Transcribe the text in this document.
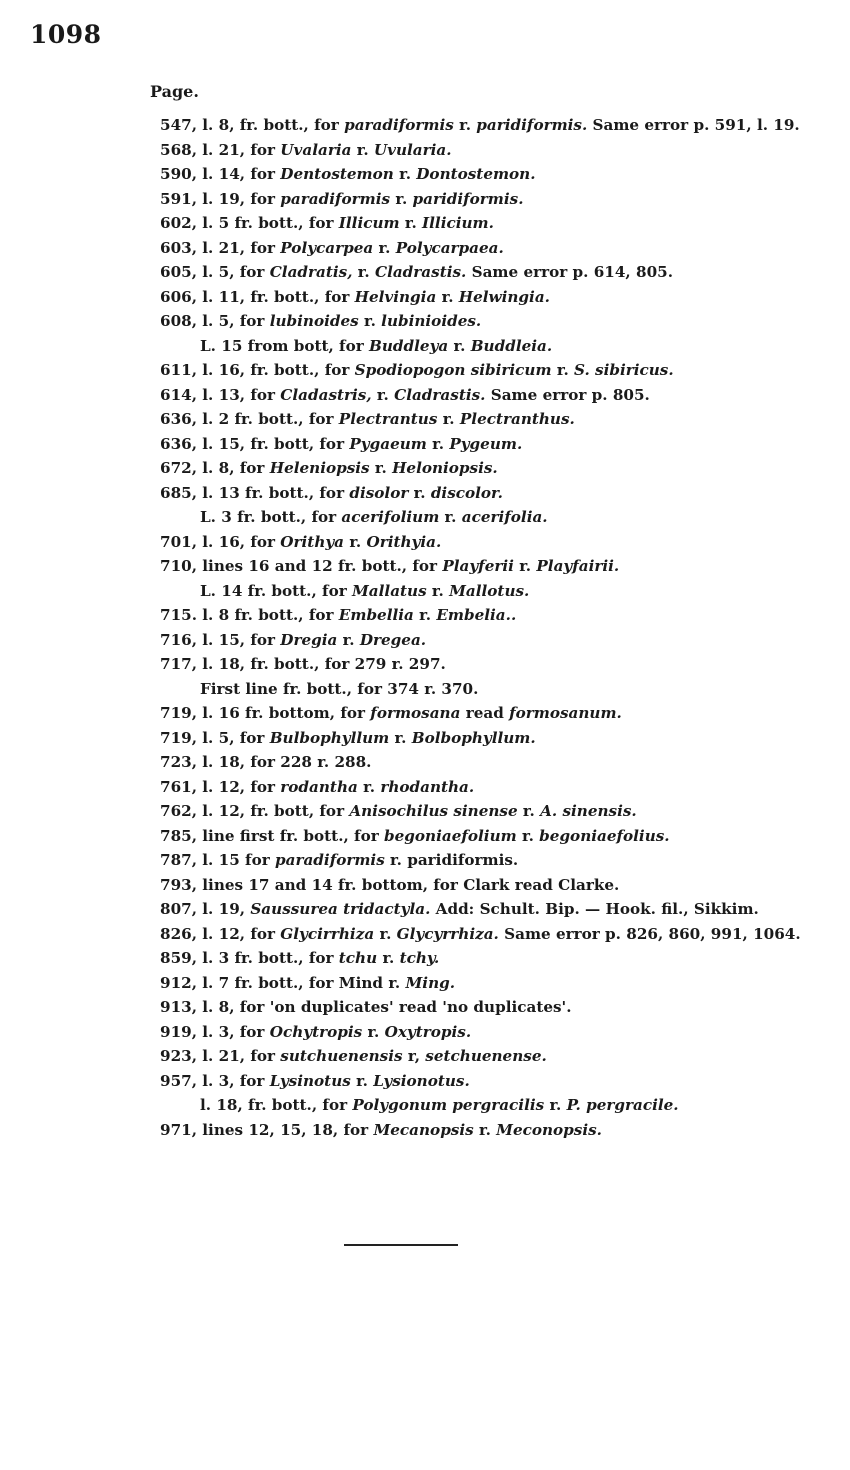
1098
Page.
547, l. 8, fr. bott., for paradiformis r. paridiformis. Same error p. 591, l. 19.
568, l. 21, for Uvalaria r. Uvularia.
590, l. 14, for Dentostemon r. Dontostemon.
591, l. 19, for paradiformis r. paridiformis.
602, l. 5 fr. bott., for Illicum r. Illicium.
603, l. 21, for Polycarpea r. Polycarpaea.
605, l. 5, for Cladratis, r. Cladrastis. Same error p. 614, 805.
606, l. 11, fr. bott., for Helvingia r. Helwingia.
608, l. 5, for lubinoides r. lubinioides.
L. 15 from bott, for Buddleya r. Buddleia.
611, l. 16, fr. bott., for Spodiopogon sibiricum r. S. sibiricus.
614, l. 13, for Cladastris, r. Cladrastis. Same error p. 805.
636, l. 2 fr. bott., for Plectrantus r. Plectranthus.
636, l. 15, fr. bott, for Pygaeum r. Pygeum.
672, l. 8, for Heleniopsis r. Heloniopsis.
685, l. 13 fr. bott., for disolor r. discolor.
L. 3 fr. bott., for acerifolium r. acerifolia.
701, l. 16, for Orithya r. Orithyia.
710, lines 16 and 12 fr. bott., for Playferii r. Playfairii.
L. 14 fr. bott., for Mallatus r. Mallotus.
715. l. 8 fr. bott., for Embellia r. Embelia..
716, l. 15, for Dregia r. Dregea.
717, l. 18, fr. bott., for 279 r. 297.
First line fr. bott., for 374 r. 370.
719, l. 16 fr. bottom, for formosana read formosanum.
719, l. 5, for Bulbophyllum r. Bolbophyllum.
723, l. 18, for 228 r. 288.
761, l. 12, for rodantha r. rhodantha.
762, l. 12, fr. bott, for Anisochilus sinense r. A. sinensis.
785, line first fr. bott., for begoniaefolium r. begoniaefolius.
787, l. 15 for paradiformis r. paridiformis.
793, lines 17 and 14 fr. bottom, for Clark read Clarke.
807, l. 19, Saussurea tridactyla. Add: Schult. Bip. — Hook. fil., Sikkim.
826, l. 12, for Glycirrhiza r. Glycyrrhiza. Same error p. 826, 860, 991, 1064.
859, l. 3 fr. bott., for tchu r. tchy.
912, l. 7 fr. bott., for Mind r. Ming.
913, l. 8, for 'on duplicates' read 'no duplicates'.
919, l. 3, for Ochytropis r. Oxytropis.
923, l. 21, for sutchuenensis r, setchuenense.
957, l. 3, for Lysinotus r. Lysionotus.
l. 18, fr. bott., for Polygonum pergracilis r. P. pergracile.
971, lines 12, 15, 18, for Mecanopsis r. Meconopsis.
